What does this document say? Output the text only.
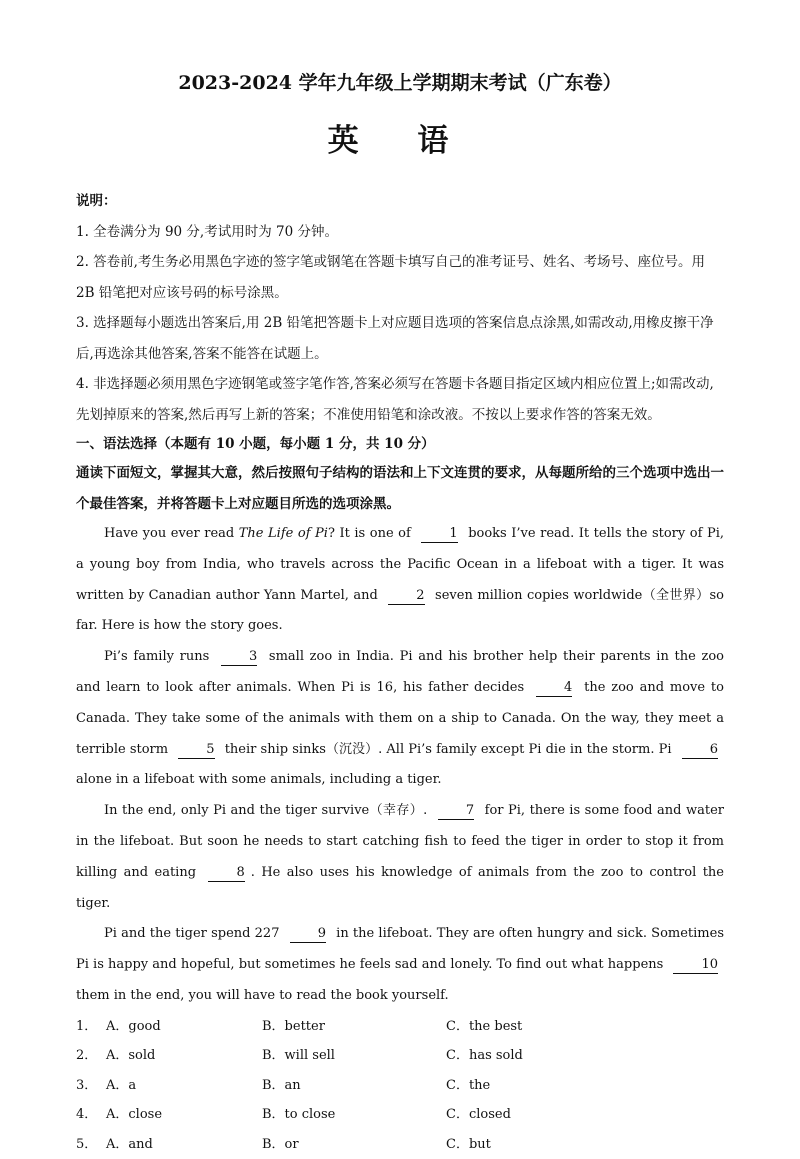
2023-2024 学年九年级上学期期末考试（广东卷）
英 语
说明：
1. 全卷满分为 90 分,考试用时为 70 分钟。
2. 答卷前,考生务必用黑色字迹的签字笔或钢笔在答题卡填写自己的准考证号、姓名、考场号、座位号。用 2B 铅笔把对应该号码的标号涂黑。
3. 选择题每小题选出答案后,用 2B 铅笔把答题卡上对应题目选项的答案信息点涂黑,如需改动,用橡皮擦干净后,再选涂其他答案,答案不能答在试题上。
4. 非选择题必须用黑色字迹钢笔或签字笔作答,答案必须写在答题卡各题目指定区域内相应位置上;如需改动,先划掉原来的答案,然后再写上新的答案；不准使用铅笔和涂改液。不按以上要求作答的答案无效。
一、语法选择（本题有 10 小题，每小题 1 分，共 10 分）
通读下面短文，掌握其大意，然后按照句子结构的语法和上下文连贯的要求，从每题所给的三个选项中选出一个最佳答案，并将答题卡上对应题目所选的选项涂黑。

Have you ever read The Life of Pi? It is one of	1 books I’ve read. It tells the story of Pi, a young boy from India, who travels across the Pacific Ocean in a lifeboat with a tiger. It was written by Canadian author Yann Martel, and	2 seven million copies worldwide（全世界）so far. Here is how the story goes.

Pi’s family runs	3 small zoo in India. Pi and his brother help their parents in the zoo and learn to look after animals. When Pi is 16, his father decides	4 the zoo and move to Canada. They take some of the animals with them on a ship to Canada. On the way, they meet a terrible storm	5 their ship sinks（沉没）. All Pi’s family except Pi die in the storm. Pi	6 alone in a lifeboat with some animals, including a tiger.

In the end, only Pi and the tiger survive（幸存）.	7 for Pi, there is some food and water in the lifeboat. But soon he needs to start catching fish to feed the tiger in order to stop it from killing and eating	8 . He also uses his knowledge of animals from the zoo to control the tiger.

Pi and the tiger spend 227	9 in the lifeboat. They are often hungry and sick. Sometimes Pi is happy and hopeful, but sometimes he feels sad and lonely. To find out what happens	10 them in the end, you will have to read the book yourself.

1． A．good	B．better	C．the best
2． A．sold	B．will sell	C．has sold
3． A．a	B．an	C．the
4． A．close	B．to close	C．closed
5． A．and	B．or	C．but
